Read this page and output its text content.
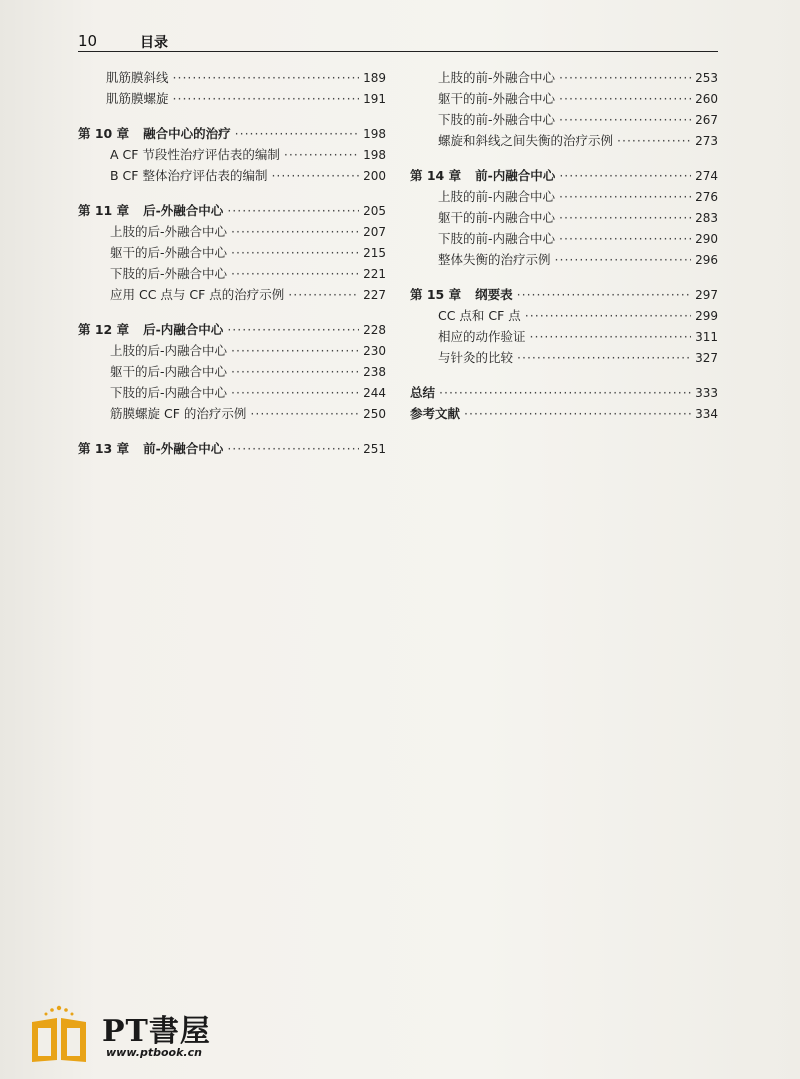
10	目录
肌筋膜斜线 ·····	189
肌筋膜螺旋 ·····	191
第 10 章 融合中心的治疗 ·····	198
A CF 节段性治疗评估表的编制 ·····	198
B CF 整体治疗评估表的编制 ·····	200
第 11 章 后-外融合中心 ·····	205
上肢的后-外融合中心 ·····	207
躯干的后-外融合中心 ·····	215
下肢的后-外融合中心 ·····	221
应用 CC 点与 CF 点的治疗示例 ·····	227
第 12 章 后-内融合中心 ·····	228
上肢的后-内融合中心 ·····	230
躯干的后-内融合中心 ·····	238
下肢的后-内融合中心 ·····	244
筋膜螺旋 CF 的治疗示例 ·····	250
第 13 章 前-外融合中心 ·····	251
上肢的前-外融合中心 ·····	253
躯干的前-外融合中心 ·····	260
下肢的前-外融合中心 ·····	267
螺旋和斜线之间失衡的治疗示例 ·····	273
第 14 章 前-内融合中心 ·····	274
上肢的前-内融合中心 ·····	276
躯干的前-内融合中心 ·····	283
下肢的前-内融合中心 ·····	290
整体失衡的治疗示例 ·····	296
第 15 章 纲要表 ·····	297
CC 点和 CF 点 ·····	299
相应的动作验证 ·····	311
与针灸的比较 ·····	327
总结 ·····	333
参考文献 ·····	334
PT書屋
www.ptbook.cn
